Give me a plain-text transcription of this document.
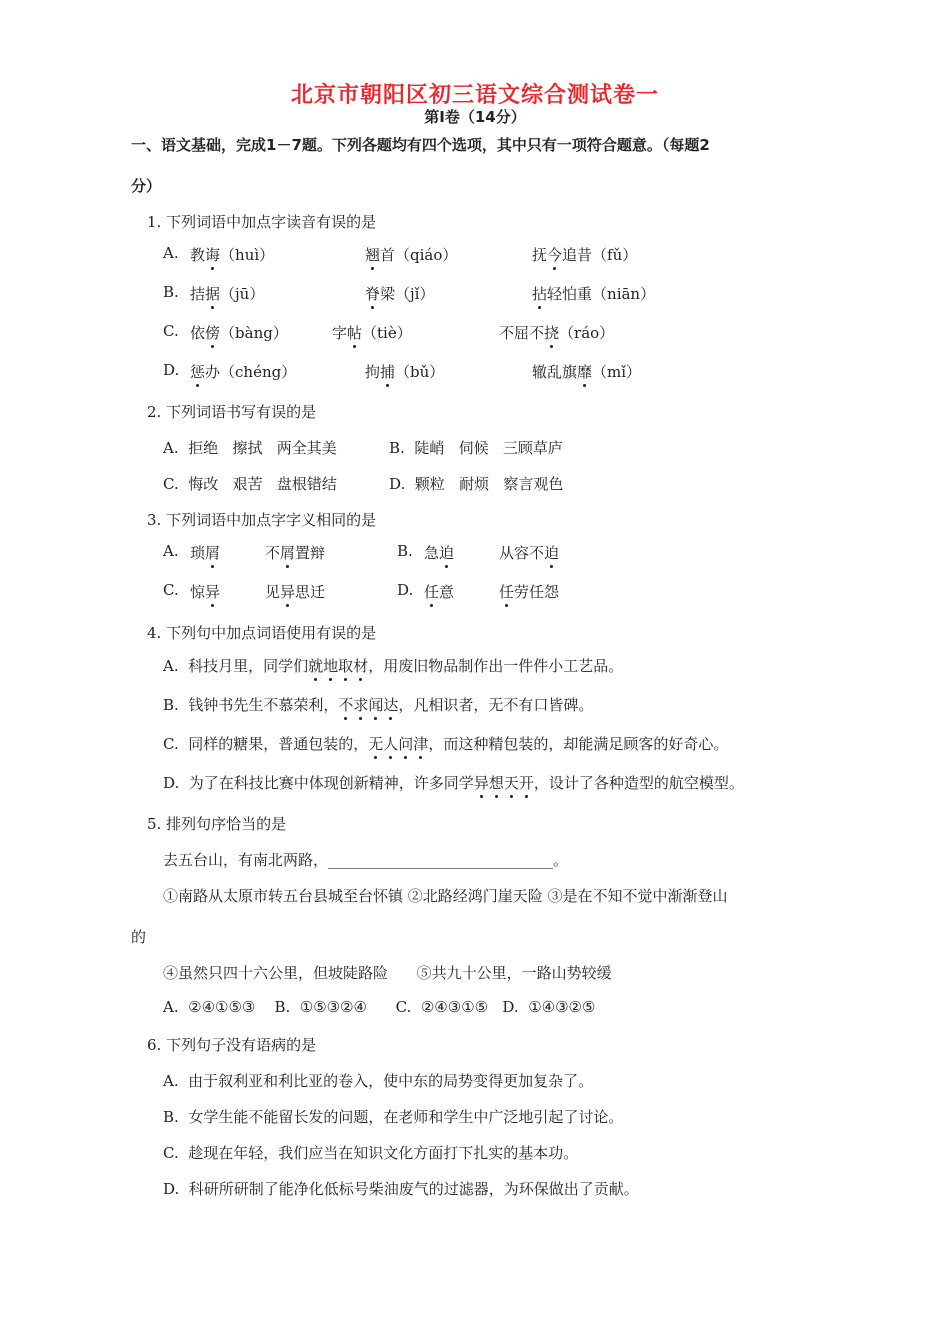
北京市朝阳区初三语文综合测试卷一
第Ⅰ卷（14分）
一、语文基础，完成1－7题。下列各题均有四个选项，其中只有一项符合题意。（每题2
分）
1. 下列词语中加点字读音有误的是
A. 教诲（huì）	翘首（qiáo）	抚今追昔（fǔ）
B. 拮据（jū）	脊梁（jǐ）	拈轻怕重（niān）
C. 依傍（bàng）	字帖（tiè）	不屈不挠（ráo）
D. 惩办（chéng）	拘捕（bǔ）	辙乱旗靡（mǐ）
2. 下列词语书写有误的是
A.  拒绝   擦拭   两全其美	B.  陡峭   伺候   三顾草庐
C.  悔改   艰苦   盘根错结	D.  颗粒   耐烦   察言观色
3. 下列词语中加点字字义相同的是
A. 琐屑	不屑置辩	B. 急迫	从容不迫
C. 惊异	见异思迁	D. 任意	任劳任怨
4. 下列句中加点词语使用有误的是
A.  科技月里，同学们就地取材，用废旧物品制作出一件件小工艺品。
B.  钱钟书先生不慕荣利，不求闻达，凡相识者，无不有口皆碑。
C.  同样的糖果，普通包装的，无人问津，而这种精包装的，却能满足顾客的好奇心。
D.  为了在科技比赛中体现创新精神，许多同学异想天开，设计了各种造型的航空模型。
5. 排列句序恰当的是
去五台山，有南北两路，______________________________。
①南路从太原市转五台县城至台怀镇 ②北路经鸿门崖天险 ③是在不知不觉中渐渐登山
的
④虽然只四十六公里，但坡陡路险      ⑤共九十公里，一路山势较缓
A.  ②④①⑤③    B.  ①⑤③②④      C.  ②④③①⑤   D.  ①④③②⑤
6. 下列句子没有语病的是
A.  由于叙利亚和利比亚的卷入，使中东的局势变得更加复杂了。
B.  女学生能不能留长发的问题，在老师和学生中广泛地引起了讨论。
C.  趁现在年轻，我们应当在知识文化方面打下扎实的基本功。
D.  科研所研制了能净化低标号柴油废气的过滤器，为环保做出了贡献。
